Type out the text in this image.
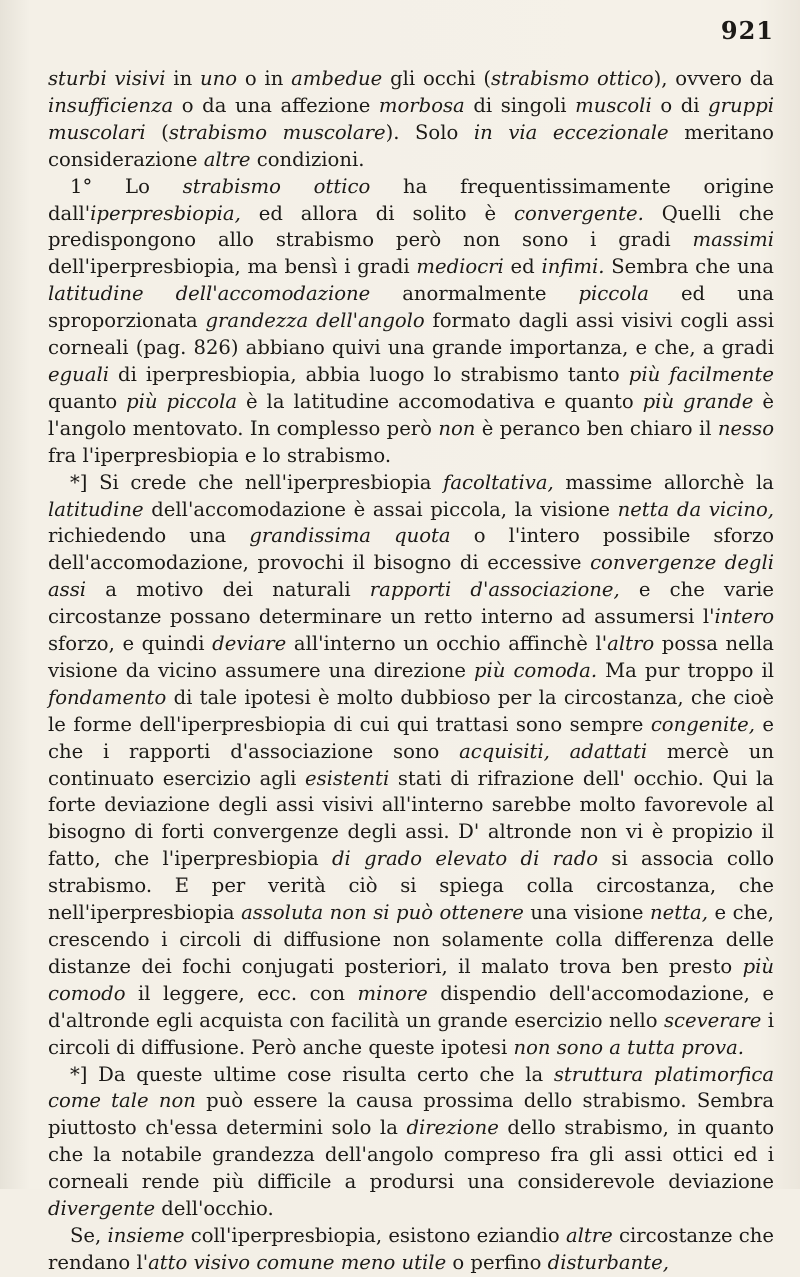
921

sturbi visivi in uno o in ambedue gli occhi (strabismo ottico), ovvero da insufficienza o da una affezione morbosa di singoli muscoli o di gruppi muscolari (strabismo muscolare). Solo in via eccezionale meritano considerazione altre condizioni.

1° Lo strabismo ottico ha frequentissimamente origine dall'iperpresbiopia, ed allora di solito è convergente. Quelli che predispongono allo strabismo però non sono i gradi massimi dell'iperpresbiopia, ma bensì i gradi mediocri ed infimi. Sembra che una latitudine dell'accomodazione anormalmente piccola ed una sproporzionata grandezza dell'angolo formato dagli assi visivi cogli assi corneali (pag. 826) abbiano quivi una grande importanza, e che, a gradi eguali di iperpresbiopia, abbia luogo lo strabismo tanto più facilmente quanto più piccola è la latitudine accomodativa e quanto più grande è l'angolo mentovato. In complesso però non è peranco ben chiaro il nesso fra l'iperpresbiopia e lo strabismo.

*] Si crede che nell'iperpresbiopia facoltativa, massime allorchè la latitudine dell'accomodazione è assai piccola, la visione netta da vicino, richiedendo una grandissima quota o l'intero possibile sforzo dell'accomodazione, provochi il bisogno di eccessive convergenze degli assi a motivo dei naturali rapporti d'associazione, e che varie circostanze possano determinare un retto interno ad assumersi l'intero sforzo, e quindi deviare all'interno un occhio affinchè l'altro possa nella visione da vicino assumere una direzione più comoda. Ma pur troppo il fondamento di tale ipotesi è molto dubbioso per la circostanza, che cioè le forme dell'iperpresbiopia di cui qui trattasi sono sempre congenite, e che i rapporti d'associazione sono acquisiti, adattati mercè un continuato esercizio agli esistenti stati di rifrazione dell' occhio. Qui la forte deviazione degli assi visivi all'interno sarebbe molto favorevole al bisogno di forti convergenze degli assi. D' altronde non vi è propizio il fatto, che l'iperpresbiopia di grado elevato di rado si associa collo strabismo. E per verità ciò si spiega colla circostanza, che nell'iperpresbiopia assoluta non si può ottenere una visione netta, e che, crescendo i circoli di diffusione non solamente colla differenza delle distanze dei fochi conjugati posteriori, il malato trova ben presto più comodo il leggere, ecc. con minore dispendio dell'accomodazione, e d'altronde egli acquista con facilità un grande esercizio nello sceverare i circoli di diffusione. Però anche queste ipotesi non sono a tutta prova.

*] Da queste ultime cose risulta certo che la struttura platimorfica come tale non può essere la causa prossima dello strabismo. Sembra piuttosto ch'essa determini solo la direzione dello strabismo, in quanto che la notabile grandezza dell'angolo compreso fra gli assi ottici ed i corneali rende più difficile a prodursi una considerevole deviazione divergente dell'occhio.

Se, insieme coll'iperpresbiopia, esistono eziandio altre circostanze che rendano l'atto visivo comune meno utile o perfino disturbante,
